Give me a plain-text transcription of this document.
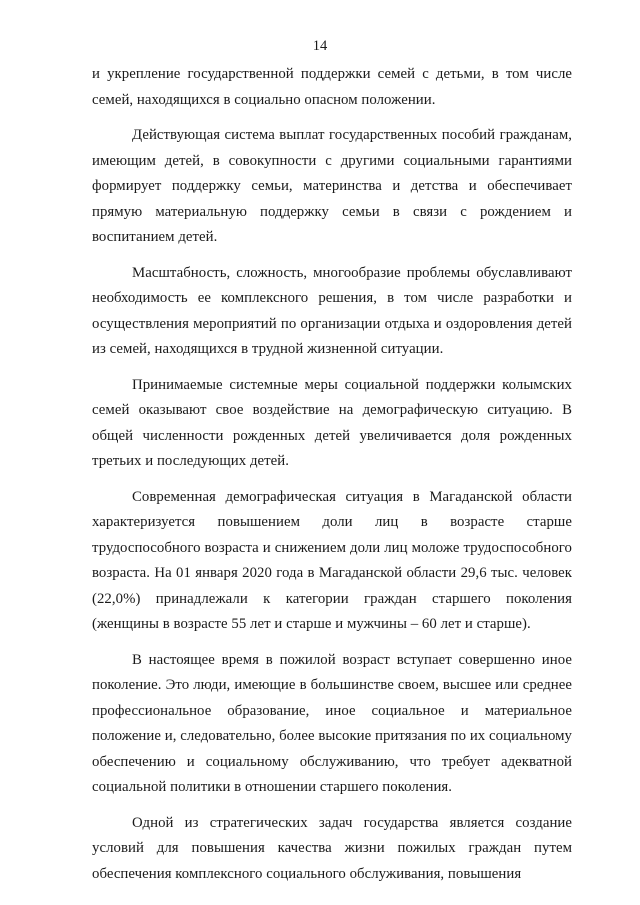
14

и укрепление государственной поддержки семей с детьми, в том числе семей, находящихся в социально опасном положении.

Действующая система выплат государственных пособий гражданам, имеющим детей, в совокупности с другими социальными гарантиями формирует поддержку семьи, материнства и детства и обеспечивает прямую материальную поддержку семьи в связи с рождением и воспитанием детей.

Масштабность, сложность, многообразие проблемы обуславливают необходимость ее комплексного решения, в том числе разработки и осуществления мероприятий по организации отдыха и оздоровления детей из семей, находящихся в трудной жизненной ситуации.

Принимаемые системные меры социальной поддержки колымских семей оказывают свое воздействие на демографическую ситуацию. В общей численности рожденных детей увеличивается доля рожденных третьих и последующих детей.

Современная демографическая ситуация в Магаданской области характеризуется повышением доли лиц в возрасте старше трудоспособного возраста и снижением доли лиц моложе трудоспособного возраста. На 01 января 2020 года в Магаданской области 29,6 тыс. человек (22,0%) принадлежали к категории граждан старшего поколения (женщины в возрасте 55 лет и старше и мужчины – 60 лет и старше).

В настоящее время в пожилой возраст вступает совершенно иное поколение. Это люди, имеющие в большинстве своем, высшее или среднее профессиональное образование, иное социальное и материальное положение и, следовательно, более высокие притязания по их социальному обеспечению и социальному обслуживанию, что требует адекватной социальной политики в отношении старшего поколения.

Одной из стратегических задач государства является создание условий для повышения качества жизни пожилых граждан путем обеспечения комплексного социального обслуживания, повышения
